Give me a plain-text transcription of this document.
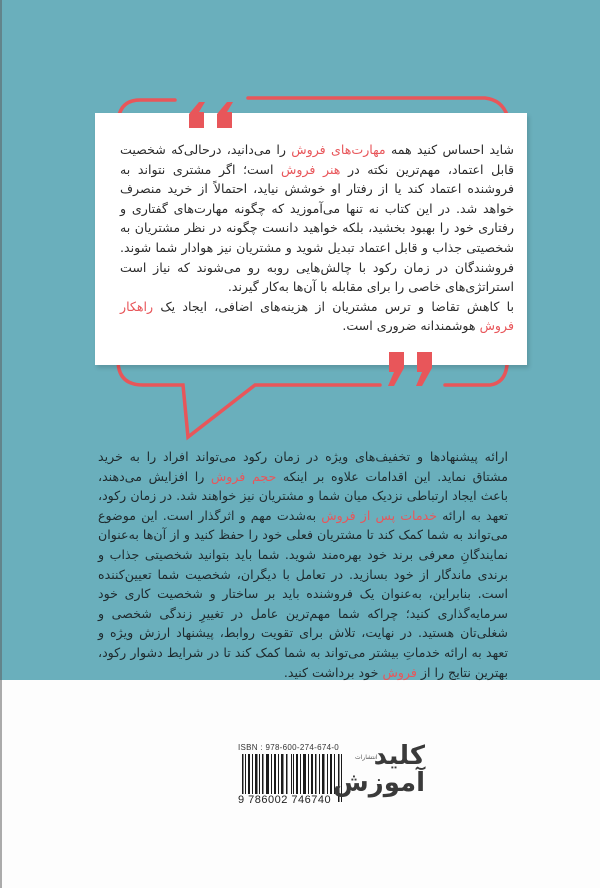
شاید احساس کنید همه مهارت‌های فروش را می‌دانید، درحالی‌که شخصیت قابل اعتماد، مهم‌ترین نکته در هنر فروش است؛ اگر مشتری نتواند به فروشنده اعتماد کند یا از رفتار او خوشش نیاید، احتمالاً از خرید منصرف خواهد شد. در این کتاب نه تنها می‌آموزید که چگونه مهارت‌های گفتاری و رفتاری خود را بهبود بخشید، بلکه خواهید دانست چگونه در نظر مشتریان به شخصیتی جذاب و قابل اعتماد تبدیل شوید و مشتریان نیز هوادار شما شوند. فروشندگان در زمان رکود با چالش‌هایی روبه رو می‌شوند که نیاز است استراتژی‌های خاصی را برای مقابله با آن‌ها به‌کار گیرند.

با کاهش تقاضا و ترس مشتریان از هزینه‌های اضافی، ایجاد یک راهکار فروش هوشمندانه ضروری است.

ارائه پیشنهادها و تخفیف‌های ویژه در زمان رکود می‌تواند افراد را به خرید مشتاق نماید. این اقدامات علاوه بر اینکه حجم فروش را افزایش می‌دهند، باعث ایجاد ارتباطی نزدیک میان شما و مشتریان نیز خواهند شد. در زمان رکود، تعهد به ارائه خدمات پس از فروش به‌شدت مهم و اثرگذار است. این موضوع می‌تواند به شما کمک کند تا مشتریان فعلی خود را حفظ کنید و از آن‌ها به‌عنوان نمایندگانِ معرفی برند خود بهره‌مند شوید. شما باید بتوانید شخصیتی جذاب و برندی ماندگار از خود بسازید. در تعامل با دیگران، شخصیت شما تعیین‌کننده است. بنابراین، به‌عنوان یک فروشنده باید بر ساختار و شخصیت کاری خود سرمایه‌گذاری کنید؛ چراکه شما مهم‌ترین عامل در تغییرِ زندگی شخصی و شغلی‌تان هستید. در نهایت، تلاش برای تقویت روابط، پیشنهاد ارزش ویژه و تعهد به ارائه خدماتِ بیشتر می‌تواند به شما کمک کند تا در شرایط دشوار رکود، بهترین نتایج را از فروش خود برداشت کنید.

ISBN : 978-600-274-674-0
9 786002 746740
انتشارات
کلید
آموزش
